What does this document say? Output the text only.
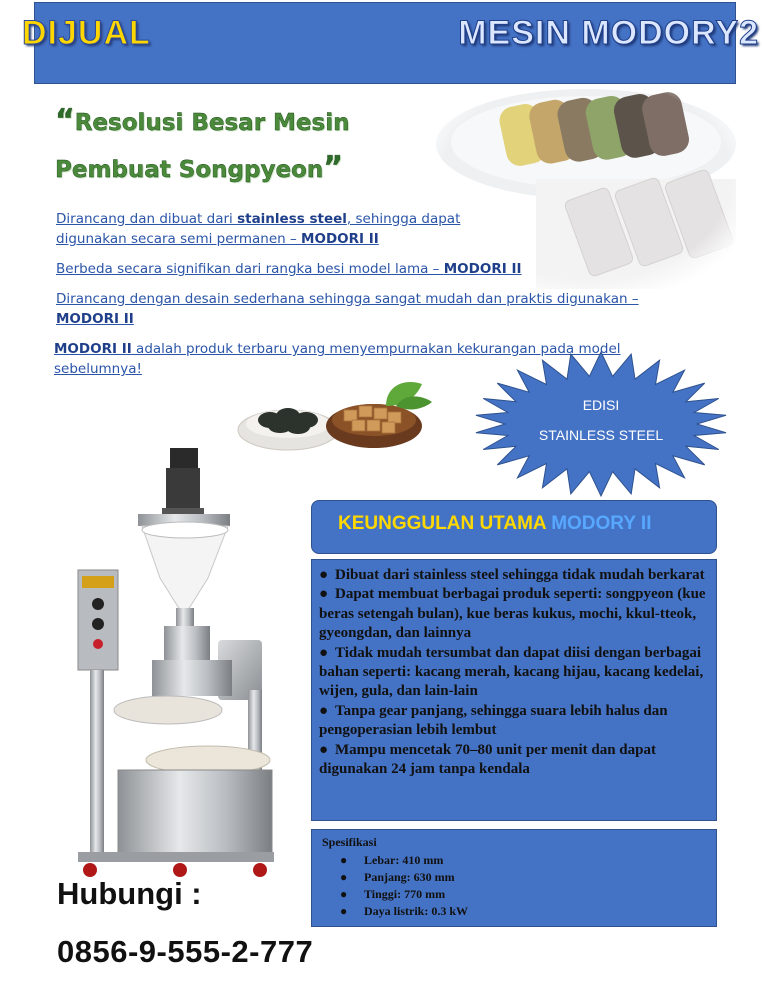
DIJUAL	MESIN MODORY2
“Resolusi Besar Mesin
Pembuat Songpyeon”
Dirancang dan dibuat dari stainless steel, sehingga dapat digunakan secara semi permanen – MODORI II
Berbeda secara signifikan dari rangka besi model lama – MODORI II
Dirancang dengan desain sederhana sehingga sangat mudah dan praktis digunakan – MODORI II
MODORI II adalah produk terbaru yang menyempurnakan kekurangan pada model sebelumnya!
EDISI
STAINLESS STEEL
KEUNGGULAN UTAMA MODORY II
● Dibuat dari stainless steel sehingga tidak mudah berkarat
● Dapat membuat berbagai produk seperti: songpyeon (kue beras setengah bulan), kue beras kukus, mochi, kkul-tteok, gyeongdan, dan lainnya
● Tidak mudah tersumbat dan dapat diisi dengan berbagai bahan seperti: kacang merah, kacang hijau, kacang kedelai, wijen, gula, dan lain-lain
● Tanpa gear panjang, sehingga suara lebih halus dan pengoperasian lebih lembut
● Mampu mencetak 70–80 unit per menit dan dapat digunakan 24 jam tanpa kendala
Spesifikasi
● Lebar: 410 mm
● Panjang: 630 mm
● Tinggi: 770 mm
● Daya listrik: 0.3 kW
Hubungi :
0856-9-555-2-777
